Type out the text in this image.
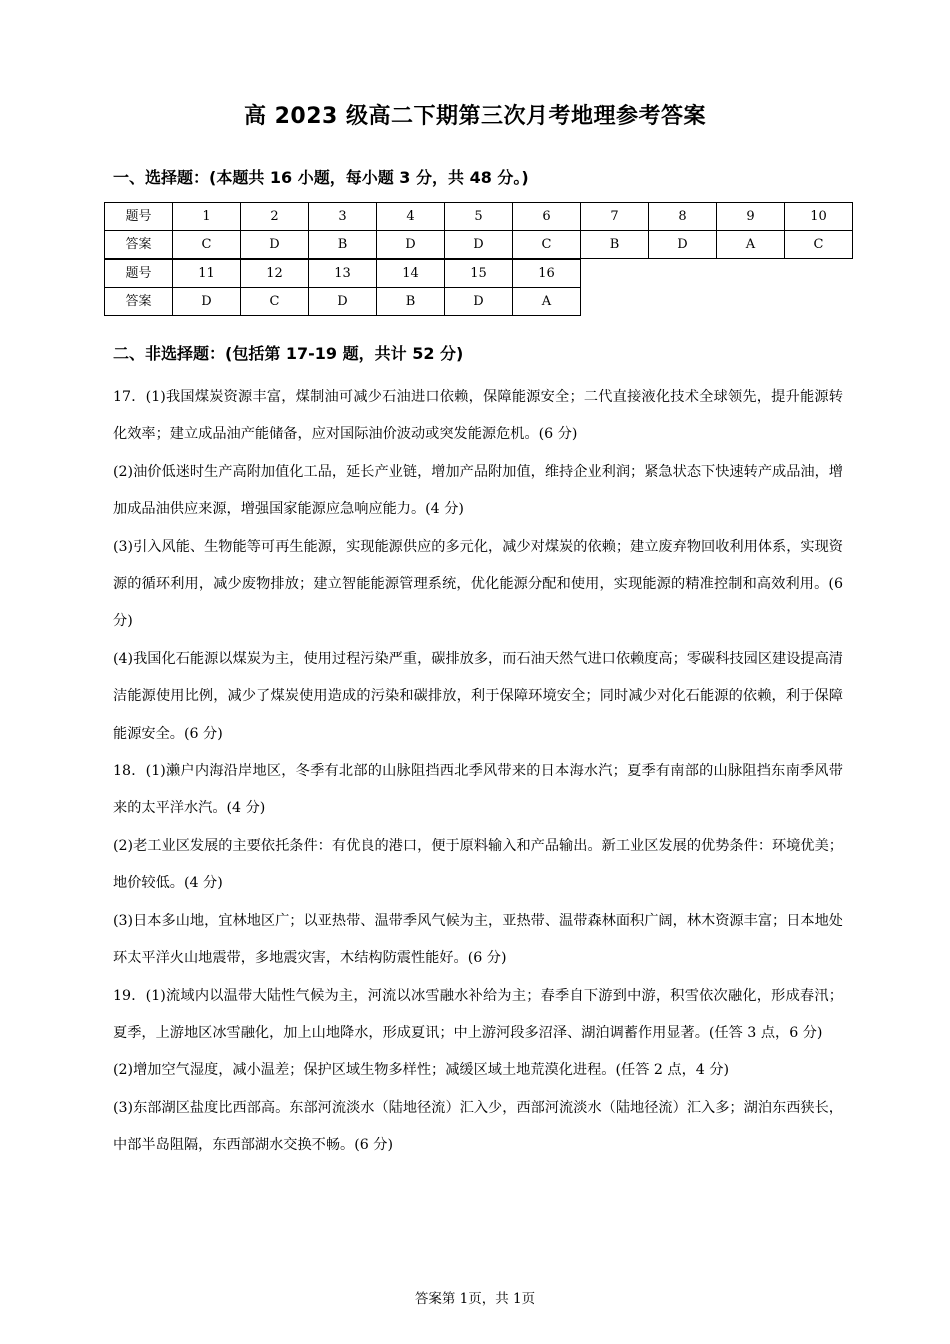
高 2023 级高二下期第三次月考地理参考答案
一、选择题：(本题共 16 小题，每小题 3 分，共 48 分。)
题号	1	2	3	4	5	6	7	8	9	10
答案	C	D	B	D	D	C	B	D	A	C
题号	11	12	13	14	15	16
答案	D	C	D	B	D	A
二、非选择题：(包括第 17-19 题，共计 52 分)

17．(1)我国煤炭资源丰富，煤制油可减少石油进口依赖，保障能源安全；二代直接液化技术全球领先，提升能源转化效率；建立成品油产能储备，应对国际油价波动或突发能源危机。(6 分)

(2)油价低迷时生产高附加值化工品，延长产业链，增加产品附加值，维持企业利润；紧急状态下快速转产成品油，增加成品油供应来源，增强国家能源应急响应能力。(4 分)

(3)引入风能、生物能等可再生能源，实现能源供应的多元化，减少对煤炭的依赖；建立废弃物回收利用体系，实现资源的循环利用，减少废物排放；建立智能能源管理系统，优化能源分配和使用，实现能源的精准控制和高效利用。(6 分)

(4)我国化石能源以煤炭为主，使用过程污染严重，碳排放多，而石油天然气进口依赖度高；零碳科技园区建设提高清洁能源使用比例，减少了煤炭使用造成的污染和碳排放，利于保障环境安全；同时减少对化石能源的依赖，利于保障能源安全。(6 分)

18．(1)濑户内海沿岸地区，冬季有北部的山脉阻挡西北季风带来的日本海水汽；夏季有南部的山脉阻挡东南季风带来的太平洋水汽。(4 分)

(2)老工业区发展的主要依托条件：有优良的港口，便于原料输入和产品输出。新工业区发展的优势条件：环境优美；地价较低。(4 分)

(3)日本多山地，宜林地区广；以亚热带、温带季风气候为主，亚热带、温带森林面积广阔，林木资源丰富；日本地处环太平洋火山地震带，多地震灾害，木结构防震性能好。(6 分)

19．(1)流域内以温带大陆性气候为主，河流以冰雪融水补给为主；春季自下游到中游，积雪依次融化，形成春汛；夏季，上游地区冰雪融化，加上山地降水，形成夏讯；中上游河段多沼泽、湖泊调蓄作用显著。(任答 3 点，6 分)

(2)增加空气湿度，减小温差；保护区域生物多样性；减缓区域土地荒漠化进程。(任答 2 点，4 分)

(3)东部湖区盐度比西部高。东部河流淡水（陆地径流）汇入少，西部河流淡水（陆地径流）汇入多；湖泊东西狭长，中部半岛阻隔，东西部湖水交换不畅。(6 分)

答案第 1页，共 1页
